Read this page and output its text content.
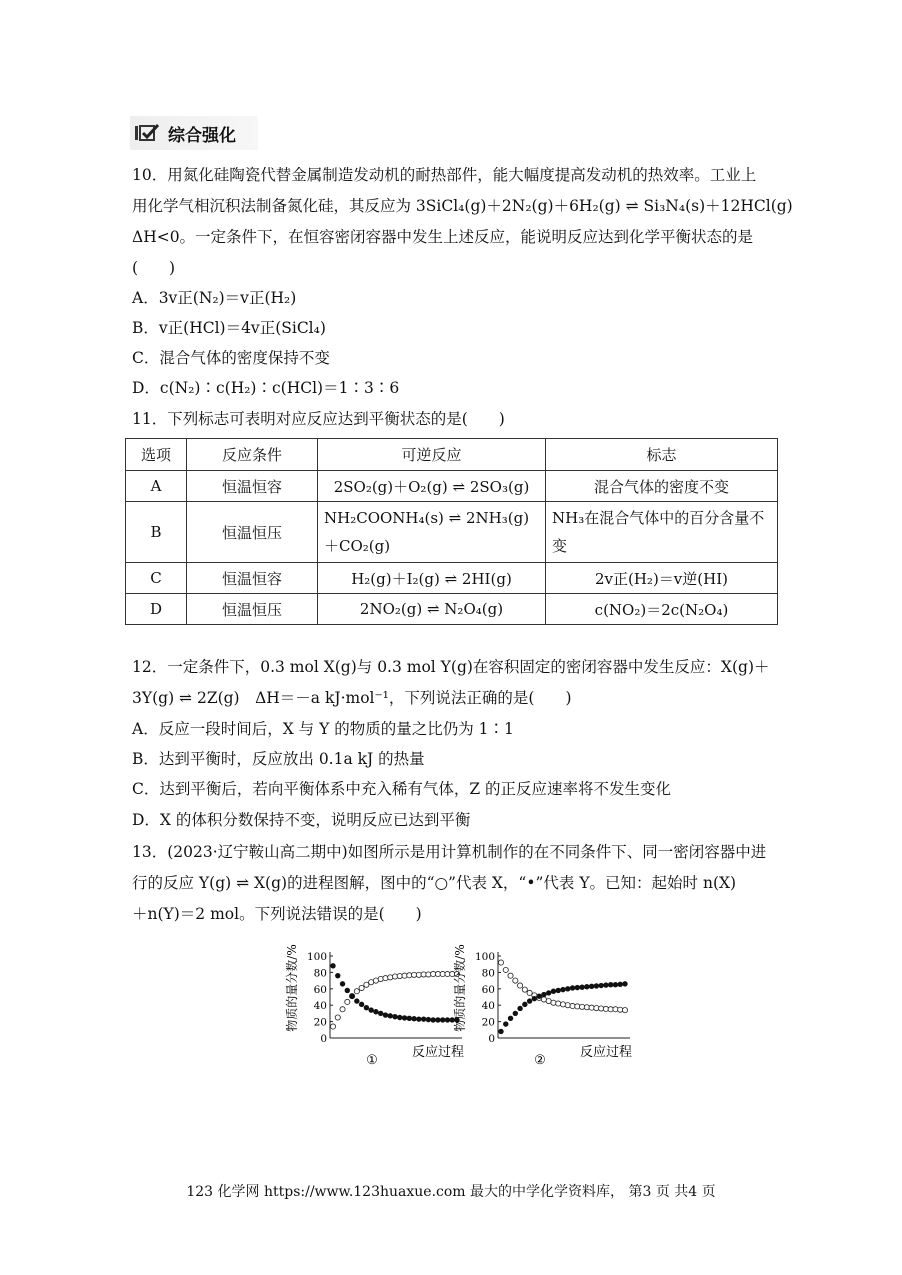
综合强化
10．用氮化硅陶瓷代替金属制造发动机的耐热部件，能大幅度提高发动机的热效率。工业上
用化学气相沉积法制备氮化硅，其反应为 3SiCl₄(g)＋2N₂(g)＋6H₂(g) ⇌ Si₃N₄(s)＋12HCl(g)
ΔH<0。一定条件下，在恒容密闭容器中发生上述反应，能说明反应达到化学平衡状态的是
(　　)
A．3v正(N₂)＝v正(H₂)
B．v正(HCl)＝4v正(SiCl₄)
C．混合气体的密度保持不变
D．c(N₂)∶c(H₂)∶c(HCl)＝1∶3∶6
11．下列标志可表明对应反应达到平衡状态的是(　　)
选项	反应条件	可逆反应	标志
A	恒温恒容	2SO₂(g)＋O₂(g) ⇌ 2SO₃(g)	混合气体的密度不变
B	恒温恒压	NH₂COONH₄(s) ⇌ 2NH₃(g)＋CO₂(g)	NH₃在混合气体中的百分含量不变
C	恒温恒容	H₂(g)＋I₂(g) ⇌ 2HI(g)	2v正(H₂)＝v逆(HI)
D	恒温恒压	2NO₂(g) ⇌ N₂O₄(g)	c(NO₂)＝2c(N₂O₄)
12．一定条件下，0.3 mol X(g)与 0.3 mol Y(g)在容积固定的密闭容器中发生反应：X(g)＋
3Y(g) ⇌ 2Z(g)　ΔH＝－a kJ·mol⁻¹，下列说法正确的是(　　)
A．反应一段时间后，X 与 Y 的物质的量之比仍为 1∶1
B．达到平衡时，反应放出 0.1a kJ 的热量
C．达到平衡后，若向平衡体系中充入稀有气体，Z 的正反应速率将不发生变化
D．X 的体积分数保持不变，说明反应已达到平衡
13．(2023·辽宁鞍山高二期中)如图所示是用计算机制作的在不同条件下、同一密闭容器中进
行的反应 Y(g) ⇌ X(g)的进程图解，图中的“○”代表 X，“•”代表 Y。已知：起始时 n(X)
＋n(Y)＝2 mol。下列说法错误的是(　　)
物质的量分数/%
0
20
40
60
80
100
①
反应过程
物质的量分数/%
0
20
40
60
80
100
②
反应过程
123 化学网 https://www.123huaxue.com 最大的中学化学资料库， 第3 页 共4 页
